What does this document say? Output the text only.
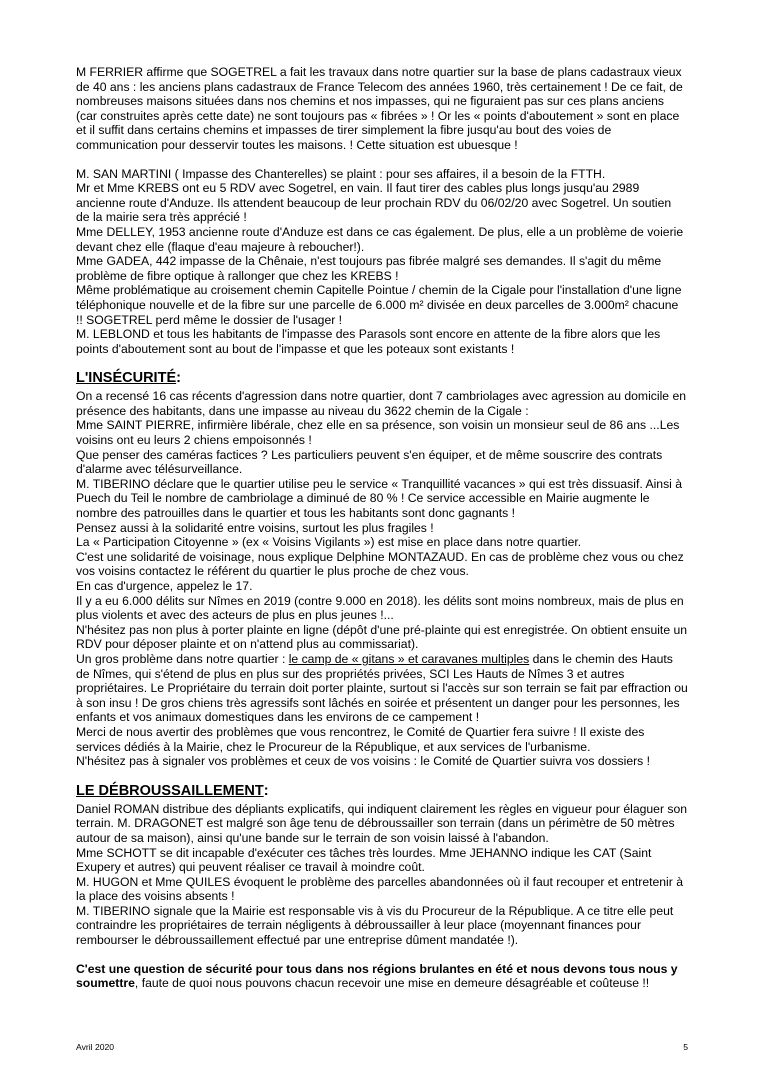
M FERRIER affirme que SOGETREL a fait les travaux dans notre quartier sur la base de plans cadastraux vieux de 40 ans : les anciens plans cadastraux de France Telecom des années 1960, très certainement ! De ce fait, de nombreuses maisons situées dans nos chemins et nos impasses, qui ne figuraient pas sur ces plans anciens (car construites après cette date) ne sont toujours pas « fibrées » ! Or les « points d'aboutement » sont en place et il suffit dans certains chemins et impasses de tirer simplement la fibre jusqu'au bout des voies de communication pour desservir toutes les maisons. ! Cette situation est ubuesque !

M. SAN MARTINI ( Impasse des Chanterelles) se plaint : pour ses affaires, il a besoin de la FTTH.

Mr et Mme KREBS ont eu 5 RDV avec Sogetrel, en vain. Il faut tirer des cables plus longs jusqu'au 2989 ancienne route d'Anduze. Ils attendent beaucoup de leur prochain RDV du 06/02/20 avec Sogetrel. Un soutien de la mairie sera très apprécié !

Mme DELLEY, 1953 ancienne route d'Anduze est dans ce cas également. De plus, elle a un problème de voierie devant chez elle (flaque d'eau majeure à reboucher!).

Mme GADEA, 442 impasse de la Chênaie, n'est toujours pas fibrée malgré ses demandes. Il s'agit du même problème de fibre optique à rallonger que chez les KREBS !

Même problématique au croisement chemin Capitelle Pointue / chemin de la Cigale pour l'installation d'une ligne téléphonique nouvelle et de la fibre sur une parcelle de 6.000 m² divisée en deux parcelles de 3.000m² chacune !! SOGETREL perd même le dossier de l'usager !

M. LEBLOND et tous les habitants de l'impasse des Parasols sont encore en attente de la fibre alors que les points d'aboutement sont au bout de l'impasse et que les poteaux sont existants !

L'INSÉCURITÉ:

On a recensé 16 cas récents d'agression dans notre quartier, dont 7 cambriolages avec agression au domicile en présence des habitants, dans une impasse au niveau du 3622 chemin de la Cigale :

Mme SAINT PIERRE, infirmière libérale, chez elle en sa présence, son voisin un monsieur seul de 86 ans ...Les voisins ont eu leurs 2 chiens empoisonnés !

Que penser des caméras factices ? Les particuliers peuvent s'en équiper, et de même souscrire des contrats d'alarme avec télésurveillance.

M. TIBERINO déclare que le quartier utilise peu le service « Tranquillité vacances » qui est très dissuasif. Ainsi à Puech du Teil le nombre de cambriolage a diminué de 80 % ! Ce service accessible en Mairie augmente le nombre des patrouilles dans le quartier et tous les habitants sont donc gagnants !

Pensez aussi à la solidarité entre voisins, surtout les plus fragiles !

La « Participation Citoyenne » (ex « Voisins Vigilants ») est mise en place dans notre quartier.

C'est une solidarité de voisinage, nous explique Delphine MONTAZAUD. En cas de problème chez vous ou chez vos voisins contactez le référent du quartier le plus proche de chez vous.

En cas d'urgence, appelez le 17.

Il y a eu 6.000 délits sur Nîmes en 2019 (contre 9.000 en 2018). les délits sont moins nombreux, mais de plus en plus violents et avec des acteurs de plus en plus jeunes !...

N'hésitez pas non plus à porter plainte en ligne (dépôt d'une pré-plainte qui est enregistrée. On obtient ensuite un RDV pour déposer plainte et on n'attend plus au commissariat).

Un gros problème dans notre quartier : le camp de « gitans » et caravanes multiples dans le chemin des Hauts de Nîmes, qui s'étend de plus en plus sur des propriétés privées, SCI Les Hauts de Nîmes 3 et autres propriétaires. Le Propriétaire du terrain doit porter plainte, surtout si l'accès sur son terrain se fait par effraction ou à son insu ! De gros chiens très agressifs sont lâchés en soirée et présentent un danger pour les personnes, les enfants et vos animaux domestiques dans les environs de ce campement !

Merci de nous avertir des problèmes que vous rencontrez, le Comité de Quartier fera suivre ! Il existe des services dédiés à la Mairie, chez le Procureur de la République, et aux services de l'urbanisme.

N'hésitez pas à signaler vos problèmes et ceux de vos voisins : le Comité de Quartier suivra vos dossiers !

LE DÉBROUSSAILLEMENT:

Daniel ROMAN distribue des dépliants explicatifs, qui indiquent clairement les règles en vigueur pour élaguer son terrain. M. DRAGONET est malgré son âge tenu de débroussailler son terrain (dans un périmètre de 50 mètres autour de sa maison), ainsi qu'une bande sur le terrain de son voisin laissé à l'abandon.

Mme SCHOTT se dit incapable d'exécuter ces tâches très lourdes. Mme JEHANNO indique les CAT (Saint Exupery et autres) qui peuvent réaliser ce travail à moindre coût.

M. HUGON et Mme QUILES évoquent le problème des parcelles abandonnées où il faut recouper et entretenir à la place des voisins absents !

M. TIBERINO signale que la Mairie est responsable vis à vis du Procureur de la République. A ce titre elle peut contraindre les propriétaires de terrain négligents à débroussailler à leur place (moyennant finances pour rembourser le débroussaillement effectué par une entreprise dûment mandatée !).

C'est une question de sécurité pour tous dans nos régions brulantes en été et nous devons tous nous y soumettre, faute de quoi nous pouvons chacun recevoir une mise en demeure désagréable et coûteuse !!

Avril 2020	5
